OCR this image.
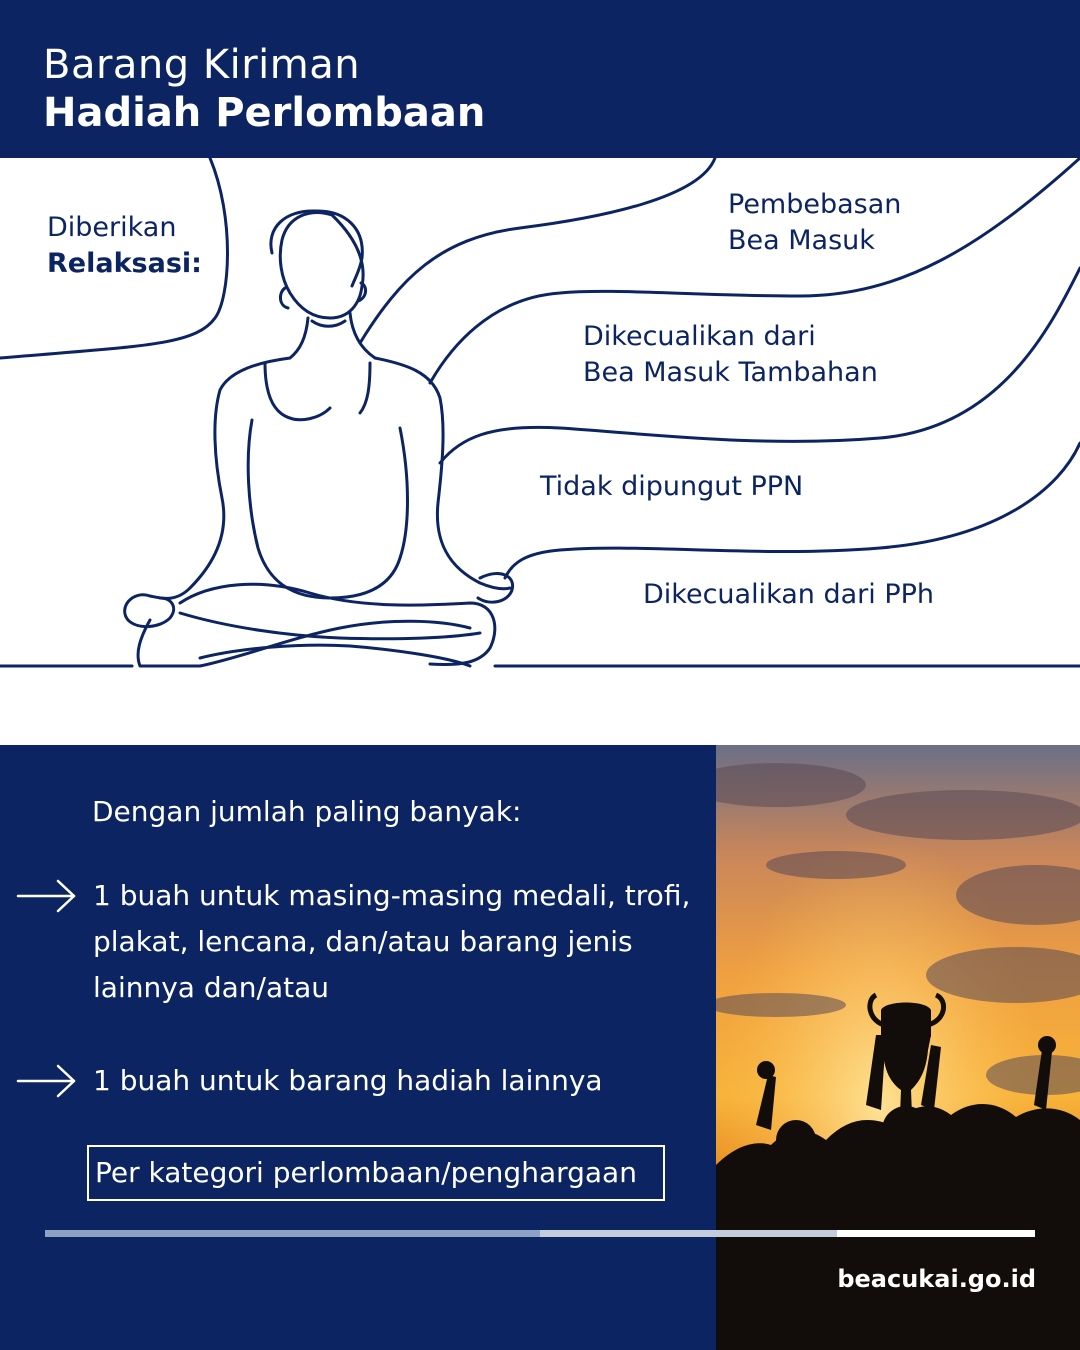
Barang Kiriman
Hadiah Perlombaan
Diberikan
Relaksasi:
Pembebasan
Bea Masuk
Dikecualikan dari
Bea Masuk Tambahan
Tidak dipungut PPN
Dikecualikan dari PPh
Dengan jumlah paling banyak:
1 buah untuk masing-masing medali, trofi,
plakat, lencana, dan/atau barang jenis
lainnya dan/atau
1 buah untuk barang hadiah lainnya
Per kategori perlombaan/penghargaan
beacukai.go.id
